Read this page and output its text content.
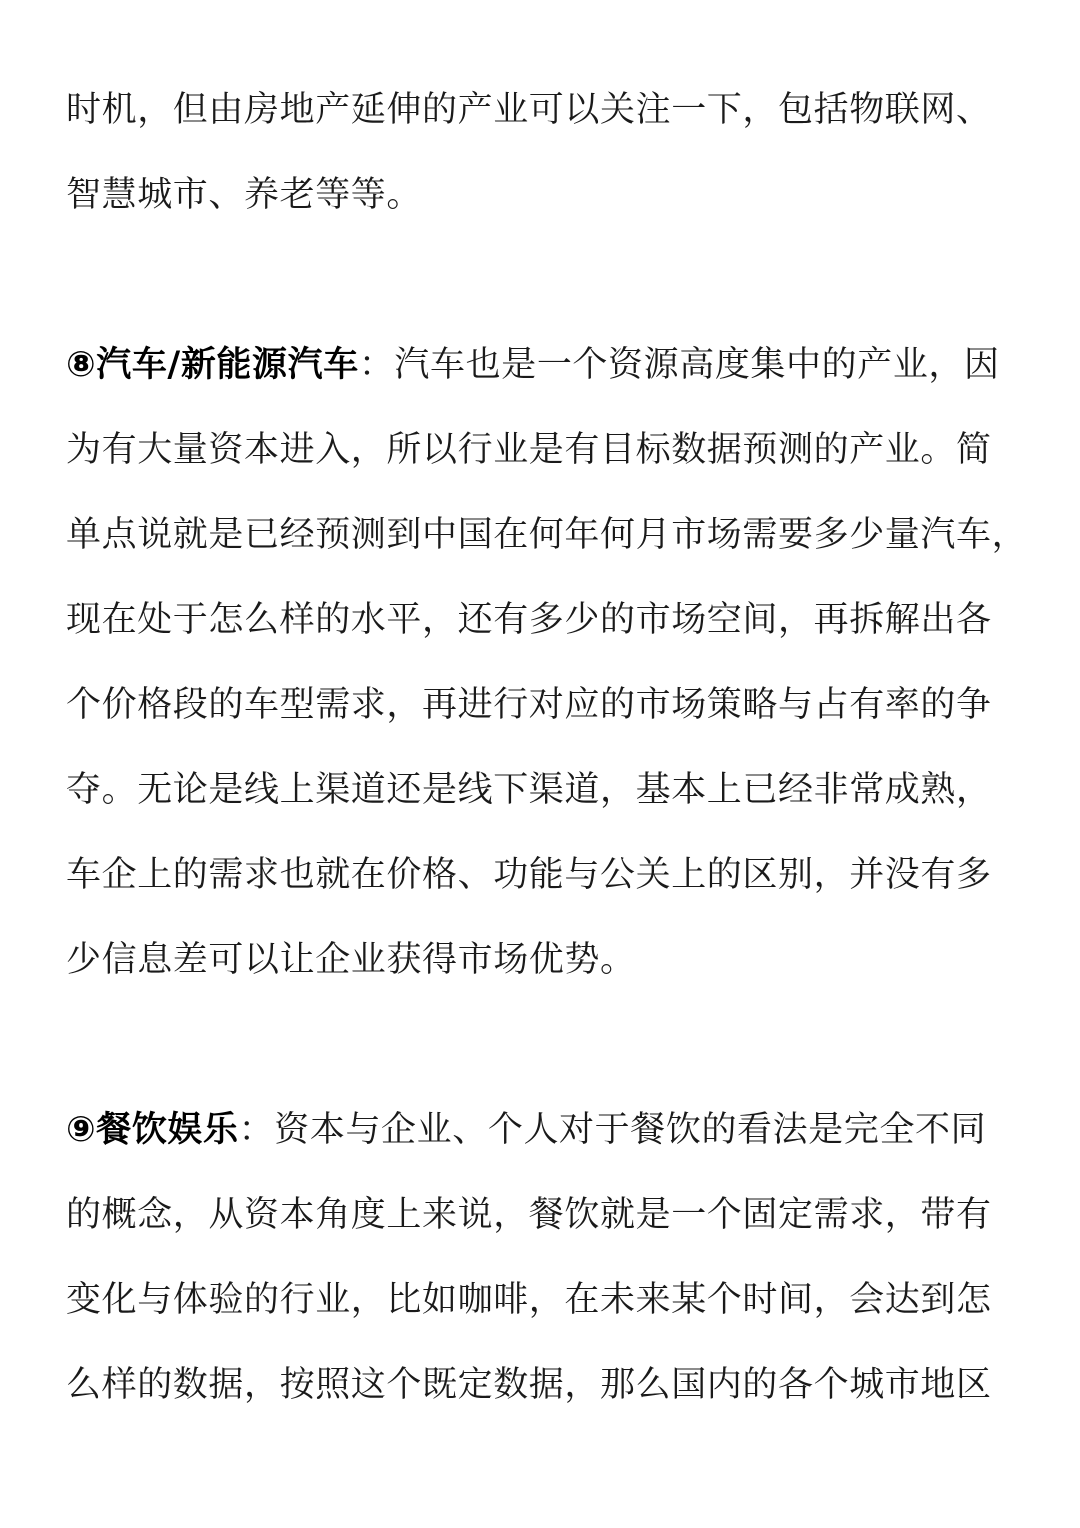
时机，但由房地产延伸的产业可以关注一下，包括物联网、
智慧城市、养老等等。
⑧汽车/新能源汽车：汽车也是一个资源高度集中的产业，因
为有大量资本进入，所以行业是有目标数据预测的产业。简
单点说就是已经预测到中国在何年何月市场需要多少量汽车，
现在处于怎么样的水平，还有多少的市场空间，再拆解出各
个价格段的车型需求，再进行对应的市场策略与占有率的争
夺。无论是线上渠道还是线下渠道，基本上已经非常成熟，
车企上的需求也就在价格、功能与公关上的区别，并没有多
少信息差可以让企业获得市场优势。
⑨餐饮娱乐：资本与企业、个人对于餐饮的看法是完全不同
的概念，从资本角度上来说，餐饮就是一个固定需求，带有
变化与体验的行业，比如咖啡，在未来某个时间，会达到怎
么样的数据，按照这个既定数据，那么国内的各个城市地区
